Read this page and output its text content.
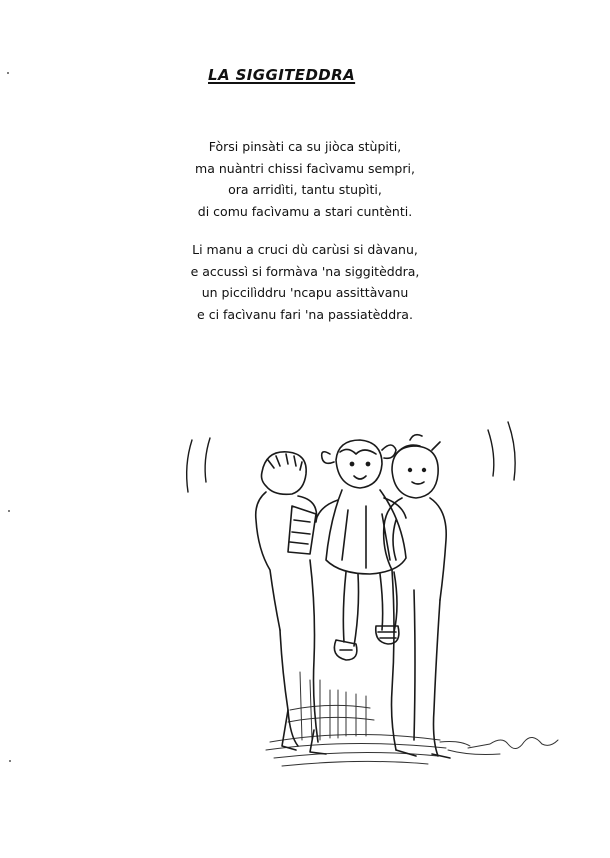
LA SIGGITEDDRA
Fòrsi pinsàti ca su jiòca stùpiti,
ma nuàntri chissi facìvamu sempri,
ora arridìti, tantu stupìti,
di comu facìvamu a stari cuntènti.
Li manu a cruci dù carùsi si dàvanu,
e accussì si formàva 'na siggitèddra,
un piccilìddru 'ncapu assittàvanu
e ci facìvanu fari 'na passiatèddra.
